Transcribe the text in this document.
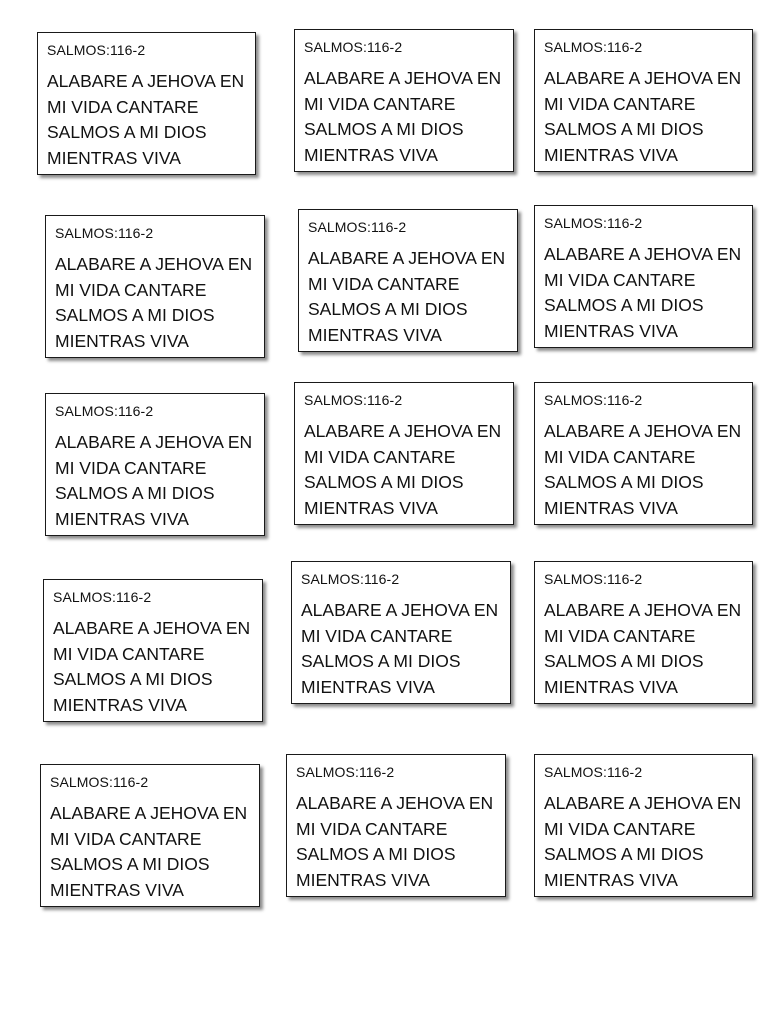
SALMOS:116-2
ALABARE A JEHOVA EN
MI VIDA CANTARE
SALMOS A MI DIOS
MIENTRAS VIVA
SALMOS:116-2
ALABARE A JEHOVA EN
MI VIDA CANTARE
SALMOS A MI DIOS
MIENTRAS VIVA
SALMOS:116-2
ALABARE A JEHOVA EN
MI VIDA CANTARE
SALMOS A MI DIOS
MIENTRAS VIVA
SALMOS:116-2
ALABARE A JEHOVA EN
MI VIDA CANTARE
SALMOS A MI DIOS
MIENTRAS VIVA
SALMOS:116-2
ALABARE A JEHOVA EN
MI VIDA CANTARE
SALMOS A MI DIOS
MIENTRAS VIVA
SALMOS:116-2
ALABARE A JEHOVA EN
MI VIDA CANTARE
SALMOS A MI DIOS
MIENTRAS VIVA
SALMOS:116-2
ALABARE A JEHOVA EN
MI VIDA CANTARE
SALMOS A MI DIOS
MIENTRAS VIVA
SALMOS:116-2
ALABARE A JEHOVA EN
MI VIDA CANTARE
SALMOS A MI DIOS
MIENTRAS VIVA
SALMOS:116-2
ALABARE A JEHOVA EN
MI VIDA CANTARE
SALMOS A MI DIOS
MIENTRAS VIVA
SALMOS:116-2
ALABARE A JEHOVA EN
MI VIDA CANTARE
SALMOS A MI DIOS
MIENTRAS VIVA
SALMOS:116-2
ALABARE A JEHOVA EN
MI VIDA CANTARE
SALMOS A MI DIOS
MIENTRAS VIVA
SALMOS:116-2
ALABARE A JEHOVA EN
MI VIDA CANTARE
SALMOS A MI DIOS
MIENTRAS VIVA
SALMOS:116-2
ALABARE A JEHOVA EN
MI VIDA CANTARE
SALMOS A MI DIOS
MIENTRAS VIVA
SALMOS:116-2
ALABARE A JEHOVA EN
MI VIDA CANTARE
SALMOS A MI DIOS
MIENTRAS VIVA
SALMOS:116-2
ALABARE A JEHOVA EN
MI VIDA CANTARE
SALMOS A MI DIOS
MIENTRAS VIVA
